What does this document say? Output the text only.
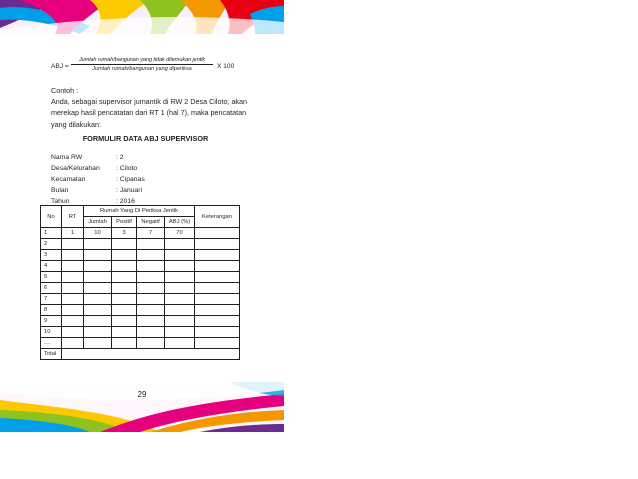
ABJ =
Jumlah rumah/bangunan yang tidak ditemukan jentik
Jumlah rumah/bangunan yang diperiksa	X 100

Contoh :

Anda, sebagai supervisor jumantik di RW 2 Desa Ciloto, akan merekap hasil pencatatan dari RT 1 (hal 7), maka pencatatan yang dilakukan:

FORMULIR DATA ABJ SUPERVISOR
Nama RW	: 2
Desa/Kelurahan	: Ciloto
Kecamatan	: Cipanas
Bulan	: Januari
Tahun	: 2016
No	RT	Rumah Yang Di Periksa Jentik				Keterangan
		Jumlah	Positif	Negatif	ABJ (%)	
1	1	10	3	7	70	
2						
3						
4						
5						
6						
7						
8						
9						
10						
....						
Total						
29
